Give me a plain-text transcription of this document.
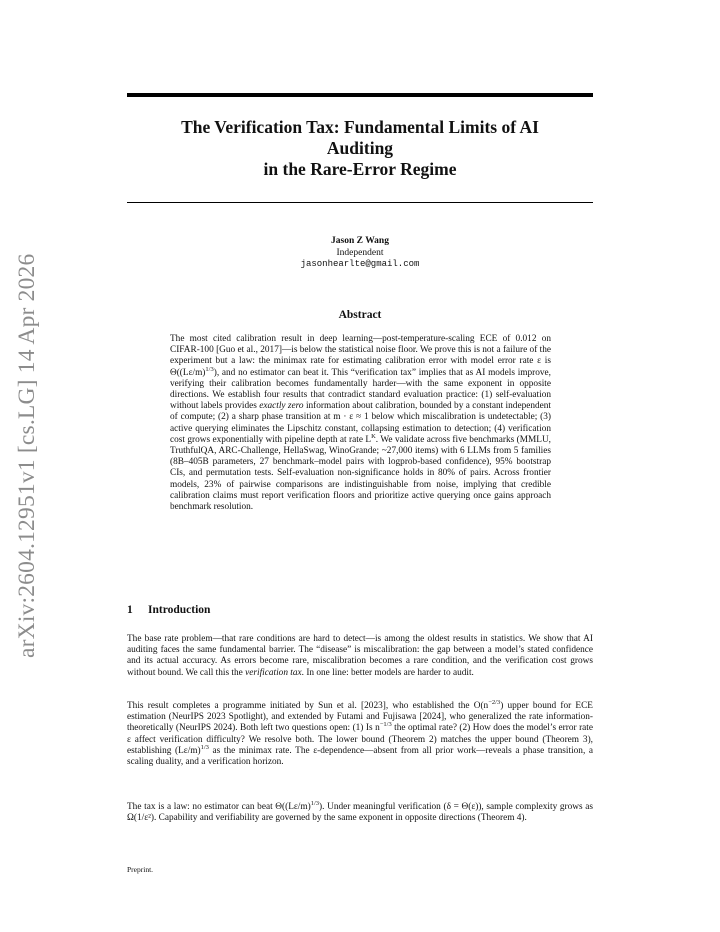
arXiv:2604.12951v1 [cs.LG] 14 Apr 2026
The Verification Tax: Fundamental Limits of AI
Auditing
in the Rare-Error Regime
Jason Z Wang
Independent
jasonhearlte@gmail.com
Abstract
The most cited calibration result in deep learning—post-temperature-scaling ECE of 0.012 on CIFAR-100 [Guo et al., 2017]—is below the statistical noise floor. We prove this is not a failure of the experiment but a law: the minimax rate for estimating calibration error with model error rate ε is $\Theta((L\varepsilon/m)^{1/3})$, and no estimator can beat it. This “verification tax” implies that as AI models improve, verifying their calibration becomes fundamentally harder—with the same exponent in opposite directions. We establish four results that contradict standard evaluation practice: (1) self-evaluation without labels provides exactly zero information about calibration, bounded by a constant independent of compute; (2) a sharp phase transition at m · ε ≈ 1 below which miscalibration is undetectable; (3) active querying eliminates the Lipschitz constant, collapsing estimation to detection; (4) verification cost grows exponentially with pipeline depth at rate $L^K$. We validate across five benchmarks (MMLU, TruthfulQA, ARC-Challenge, HellaSwag, WinoGrande; ~27,000 items) with 6 LLMs from 5 families (8B–405B parameters, 27 benchmark–model pairs with logprob-based confidence), 95% bootstrap CIs, and permutation tests. Self-evaluation non-significance holds in 80% of pairs. Across frontier models, 23% of pairwise comparisons are indistinguishable from noise, implying that credible calibration claims must report verification floors and prioritize active querying once gains approach benchmark resolution.
1 Introduction
The base rate problem—that rare conditions are hard to detect—is among the oldest results in statistics. We show that AI auditing faces the same fundamental barrier. The “disease” is miscalibration: the gap between a model’s stated confidence and its actual accuracy. As errors become rare, miscalibration becomes a rare condition, and the verification cost grows without bound. We call this the verification tax. In one line: better models are harder to audit.
This result completes a programme initiated by Sun et al. [2023], who established the $O(n^{-2/3})$ upper bound for ECE estimation (NeurIPS 2023 Spotlight), and extended by Futami and Fujisawa [2024], who generalized the rate information-theoretically (NeurIPS 2024). Both left two questions open: (1) Is $n^{-1/3}$ the optimal rate? (2) How does the model’s error rate ε affect verification difficulty? We resolve both. The lower bound (Theorem 2) matches the upper bound (Theorem 3), establishing $(L\varepsilon/m)^{1/3}$ as the minimax rate. The ε-dependence—absent from all prior work—reveals a phase transition, a scaling duality, and a verification horizon.
The tax is a law: no estimator can beat $\Theta((L\varepsilon/m)^{1/3})$. Under meaningful verification (δ = Θ(ε)), sample complexity grows as Ω(1/ε²). Capability and verifiability are governed by the same exponent in opposite directions (Theorem 4).
Preprint.
